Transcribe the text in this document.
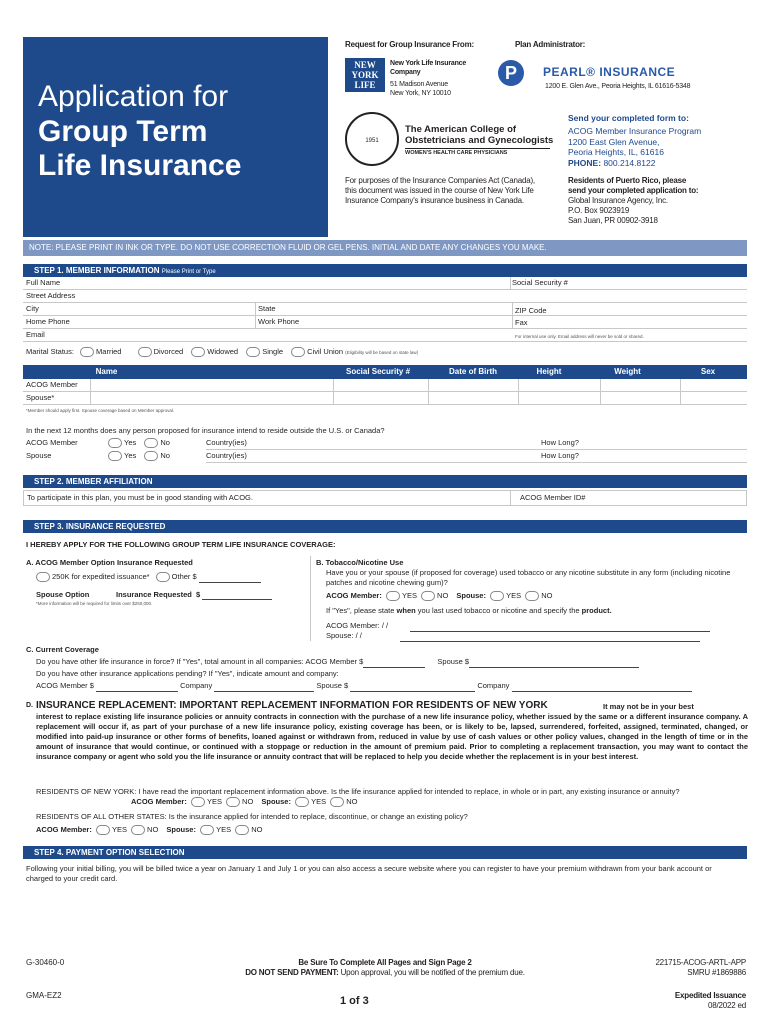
Request for Group Insurance From:	Plan Administrator:
NEW YORK LIFE
New York Life Insurance Company
51 Madison Avenue
New York, NY 10010
P	PEARL® INSURANCE
1200 E. Glen Ave., Peoria Heights, IL 61616-5348
1951
The American College of
Obstetricians and Gynecologists
WOMEN'S HEALTH CARE PHYSICIANS
Send your completed form to:
ACOG Member Insurance Program
1200 East Glen Avenue,
Peoria Heights, IL, 61616
PHONE: 800.214.8122
For purposes of the Insurance Companies Act (Canada), this document was issued in the course of New York Life Insurance Company's insurance business in Canada.
Residents of Puerto Rico, please
send your completed application to:
Global Insurance Agency, Inc.
P.O. Box 9023919
San Juan, PR 00902-3918
Application for
Group Term
Life Insurance
NOTE: PLEASE PRINT IN INK OR TYPE. DO NOT USE CORRECTION FLUID OR GEL PENS. INITIAL AND DATE ANY CHANGES YOU MAKE.
STEP 1. MEMBER INFORMATION Please Print or Type
Full Name	Social Security #
Street Address
City	State	ZIP Code
Home Phone	Work Phone	Fax
Email	For internal use only. Email address will never be sold or shared.
Marital Status:	Married	Divorced	Widowed	Single	Civil Union (Eligibility will be based on state law)
Name	Social Security #	Date of Birth	Height	Weight	Sex
ACOG Member
Spouse*
*Member should apply first. Spouse coverage based on Member approval.
In the next 12 months does any person proposed for insurance intend to reside outside the U.S. or Canada?
ACOG Member	Yes	No	Country(ies)	How Long?
Spouse	Yes	No	Country(ies)	How Long?
STEP 2. MEMBER AFFILIATION
To participate in this plan, you must be in good standing with ACOG.	ACOG Member ID#
STEP 3. INSURANCE REQUESTED
I HEREBY APPLY FOR THE FOLLOWING GROUP TERM LIFE INSURANCE COVERAGE:
A. ACOG Member Option Insurance Requested
250K for expedited issuance*	Other $
Spouse Option	Insurance Requested $
*More information will be required for limits over $250,000.
B. Tobacco/Nicotine Use
Have you or your spouse (if proposed for coverage) used tobacco or any nicotine substitute in any form (including nicotine patches and nicotine chewing gum)?
ACOG Member:	YES	NO Spouse:	YES	NO
If "Yes", please state when you last used tobacco or nicotine and specify the product.
ACOG Member: / /
Spouse: / /
C. Current Coverage
Do you have other life insurance in force? If "Yes", total amount in all companies: ACOG Member $	Spouse $
Do you have other insurance applications pending? If "Yes", indicate amount and company:
ACOG Member $	Company	Spouse $	Company
D. INSURANCE REPLACEMENT: IMPORTANT REPLACEMENT INFORMATION FOR RESIDENTS OF NEW YORK	It may not be in your best
interest to replace existing life insurance policies or annuity contracts in connection with the purchase of a new life insurance policy, whether issued by the same or a different insurance company. A replacement will occur if, as part of your purchase of a new life insurance policy, existing coverage has been, or is likely to be, lapsed, surrendered, forfeited, assigned, terminated, changed, or modified into paid-up insurance or other forms of benefits, loaned against or withdrawn from, reduced in value by use of cash values or other policy values, changed in the length of time or in the amount of insurance that would continue, or continued with a stoppage or reduction in the amount of premium paid. Prior to completing a replacement transaction, you may want to contact the insurance company or agent who sold you the life insurance or annuity contract that will be replaced to help you decide whether the replacement is in your best interest.
RESIDENTS OF NEW YORK: I have read the important replacement information above. Is the life insurance applied for intended to replace, in whole or in part, any existing insurance or annuity?
ACOG Member:	YES	NO Spouse:	YES	NO
RESIDENTS OF ALL OTHER STATES: Is the insurance applied for intended to replace, discontinue, or change an existing policy?
ACOG Member:	YES	NO Spouse:	YES	NO
STEP 4. PAYMENT OPTION SELECTION
Following your initial billing, you will be billed twice a year on January 1 and July 1 or you can also access a secure website where you can register to have your premium withdrawn from your bank account or charged to your credit card.
G-30460-0
GMA-EZ2
Be Sure To Complete All Pages and Sign Page 2
DO NOT SEND PAYMENT: Upon approval, you will be notified of the premium due.
1 of 3
221715-ACOG-ARTL-APP
SMRU #1869886
Expedited Issuance
08/2022 ed
